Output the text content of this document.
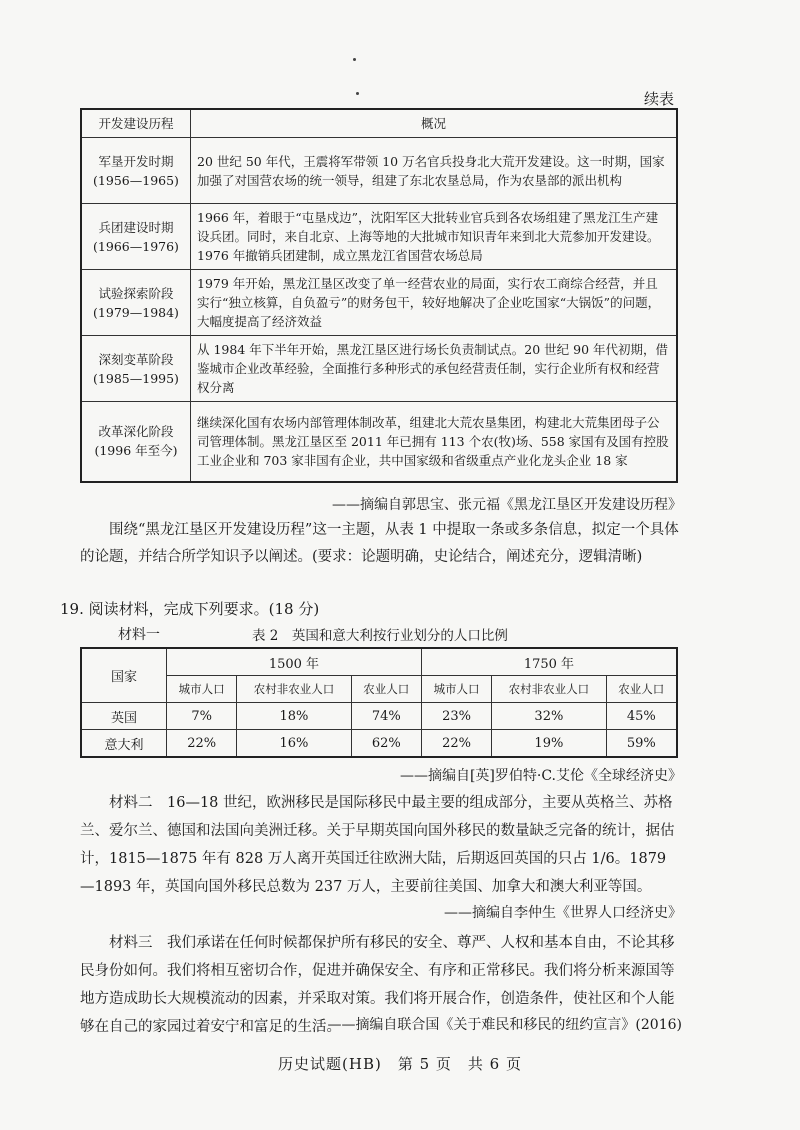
续表
开发建设历程	概况

军垦开发时期
(1956—1965)	20 世纪 50 年代，王震将军带领 10 万名官兵投身北大荒开发建设。这一时期，国家加强了对国营农场的统一领导，组建了东北农垦总局，作为农垦部的派出机构

兵团建设时期
(1966—1976)	1966 年，着眼于“屯垦戍边”，沈阳军区大批转业官兵到各农场组建了黑龙江生产建设兵团。同时，来自北京、上海等地的大批城市知识青年来到北大荒参加开发建设。1976 年撤销兵团建制，成立黑龙江省国营农场总局

试验探索阶段
(1979—1984)	1979 年开始，黑龙江垦区改变了单一经营农业的局面，实行农工商综合经营，并且实行“独立核算，自负盈亏”的财务包干，较好地解决了企业吃国家“大锅饭”的问题，大幅度提高了经济效益

深刻变革阶段
(1985—1995)	从 1984 年下半年开始，黑龙江垦区进行场长负责制试点。20 世纪 90 年代初期，借鉴城市企业改革经验，全面推行多种形式的承包经营责任制，实行企业所有权和经营权分离

改革深化阶段
(1996 年至今)	继续深化国有农场内部管理体制改革，组建北大荒农垦集团，构建北大荒集团母子公司管理体制。黑龙江垦区至 2011 年已拥有 113 个农(牧)场、558 家国有及国有控股工业企业和 703 家非国有企业，共中国家级和省级重点产业化龙头企业 18 家
——摘编自郭思宝、张元福《黑龙江垦区开发建设历程》
围绕“黑龙江垦区开发建设历程”这一主题，从表 1 中提取一条或多条信息，拟定一个具体的论题，并结合所学知识予以阐述。(要求：论题明确，史论结合，阐述充分，逻辑清晰)
19. 阅读材料，完成下列要求。(18 分)
材料一	表 2　英国和意大利按行业划分的人口比例
国家	1500 年			1750 年		
	城市人口	农村非农业人口	农业人口	城市人口	农村非农业人口	农业人口
英国	7%	18%	74%	23%	32%	45%
意大利	22%	16%	62%	22%	19%	59%
——摘编自[英]罗伯特·C.艾伦《全球经济史》
材料二　16—18 世纪，欧洲移民是国际移民中最主要的组成部分，主要从英格兰、苏格兰、爱尔兰、德国和法国向美洲迁移。关于早期英国向国外移民的数量缺乏完备的统计，据估计，1815—1875 年有 828 万人离开英国迁往欧洲大陆，后期返回英国的只占 1/6。1879—1893 年，英国向国外移民总数为 237 万人，主要前往美国、加拿大和澳大利亚等国。
——摘编自李仲生《世界人口经济史》
材料三　我们承诺在任何时候都保护所有移民的安全、尊严、人权和基本自由，不论其移民身份如何。我们将相互密切合作，促进并确保安全、有序和正常移民。我们将分析来源国等地方造成助长大规模流动的因素，并采取对策。我们将开展合作，创造条件，使社区和个人能够在自己的家园过着安宁和富足的生活。
——摘编自联合国《关于难民和移民的纽约宣言》(2016)
历史试题(HB)　第 5 页　共 6 页
